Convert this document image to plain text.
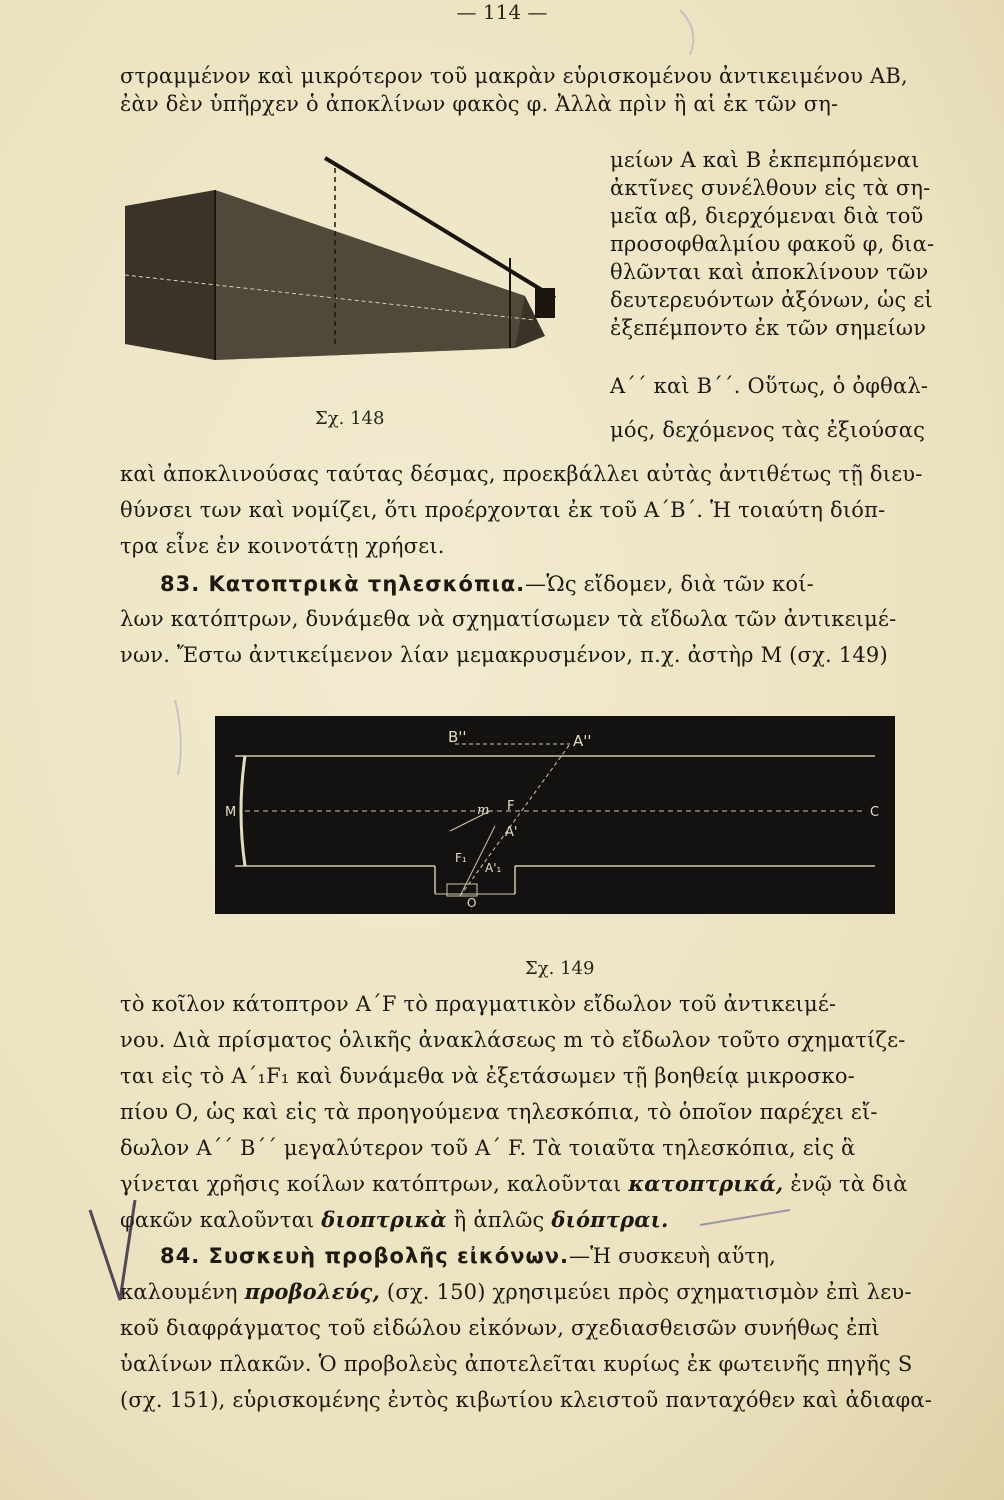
— 114 —
στραμμένον καὶ μικρότερον τοῦ μακρὰν εὑρισκομένου ἀντικειμένου ΑΒ,
ἐὰν δὲν ὑπῆρχεν ὁ ἀποκλίνων φακὸς φ. Ἀλλὰ πρὶν ἢ αἱ ἐκ τῶν ση-
Σχ. 148
μείων Α καὶ Β ἐκπεμπόμεναι
ἀκτῖνες συνέλθουν εἰς τὰ ση-
μεῖα αβ, διερχόμεναι διὰ τοῦ
προσοφθαλμίου φακοῦ φ, δια-
θλῶνται καὶ ἀποκλίνουν τῶν
δευτερευόντων ἀξόνων, ὡς εἰ
ἐξεπέμποντο ἐκ τῶν σημείων
Α΄΄ καὶ Β΄΄. Οὕτως, ὁ ὀφθαλ-
μός, δεχόμενος τὰς ἐξιούσας
καὶ ἀποκλινούσας ταύτας δέσμας, προεκβάλλει αὐτὰς ἀντιθέτως τῇ διευ-
θύνσει των καὶ νομίζει, ὅτι προέρχονται ἐκ τοῦ Α΄Β΄. Ἡ τοιαύτη διόπ-
τρα εἶνε ἐν κοινοτάτῃ χρήσει.
83. Κατοπτρικὰ τηλεσκόπια.—Ὡς εἴδομεν, διὰ τῶν κοί-
λων κατόπτρων, δυνάμεθα νὰ σχηματίσωμεν τὰ εἴδωλα τῶν ἀντικειμέ-
νων. Ἔστω ἀντικείμενον λίαν μεμακρυσμένον, π.χ. ἀστὴρ Μ (σχ. 149)
B''	A''
M	m F
A'
F₁
A'₁
O
C
Σχ. 149
τὸ κοῖλον κάτοπτρον Α΄F τὸ πραγματικὸν εἴδωλον τοῦ ἀντικειμέ-
νου. Διὰ πρίσματος ὁλικῆς ἀνακλάσεως m τὸ εἴδωλον τοῦτο σχηματίζε-
ται εἰς τὸ Α΄₁F₁ καὶ δυνάμεθα νὰ ἐξετάσωμεν τῇ βοηθείᾳ μικροσκο-
πίου Ο, ὡς καὶ εἰς τὰ προηγούμενα τηλεσκόπια, τὸ ὁποῖον παρέχει εἴ-
δωλον Α΄΄ Β΄΄ μεγαλύτερον τοῦ Α΄ F. Τὰ τοιαῦτα τηλεσκόπια, εἰς ἃ
γίνεται χρῆσις κοίλων κατόπτρων, καλοῦνται κατοπτρικά, ἐνῷ τὰ διὰ
φακῶν καλοῦνται διοπτρικὰ ἢ ἁπλῶς διόπτραι.
84. Συσκευὴ προβολῆς εἰκόνων.—Ἡ συσκευὴ αὕτη,
καλουμένη προβολεύς, (σχ. 150) χρησιμεύει πρὸς σχηματισμὸν ἐπὶ λευ-
κοῦ διαφράγματος τοῦ εἰδώλου εἰκόνων, σχεδιασθεισῶν συνήθως ἐπὶ
ὑαλίνων πλακῶν. Ὁ προβολεὺς ἀποτελεῖται κυρίως ἐκ φωτεινῆς πηγῆς S
(σχ. 151), εὑρισκομένης ἐντὸς κιβωτίου κλειστοῦ πανταχόθεν καὶ ἀδιαφα-
